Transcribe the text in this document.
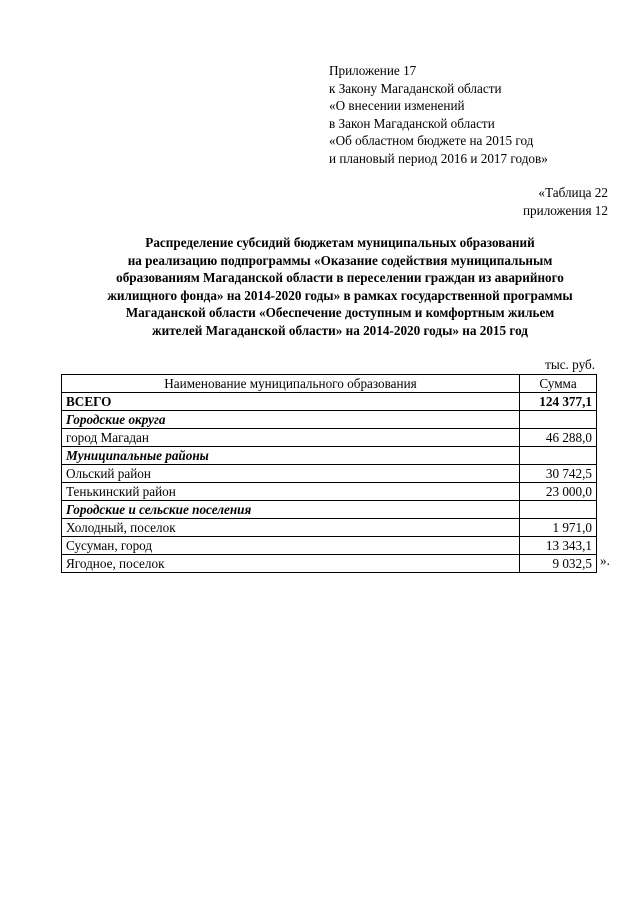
Приложение 17
к Закону Магаданской области
«О внесении изменений
в Закон Магаданской области
«Об областном бюджете на 2015 год
и плановый период 2016 и 2017 годов»
«Таблица 22
приложения 12
Распределение субсидий бюджетам муниципальных образований
на реализацию подпрограммы «Оказание содействия муниципальным
образованиям Магаданской области в переселении граждан из аварийного
жилищного фонда» на 2014-2020 годы» в рамках государственной программы
Магаданской области «Обеспечение доступным и комфортным жильем
жителей Магаданской области» на 2014-2020 годы» на 2015 год
тыс. руб.
Наименование муниципального образования	Сумма
ВСЕГО	124 377,1
Городские округа	
город Магадан	46 288,0
Муниципальные районы	
Ольский район	30 742,5
Тенькинский район	23 000,0
Городские и сельские поселения	
Холодный, поселок	1 971,0
Сусуман, город	13 343,1
Ягодное, поселок	9 032,5 ».
